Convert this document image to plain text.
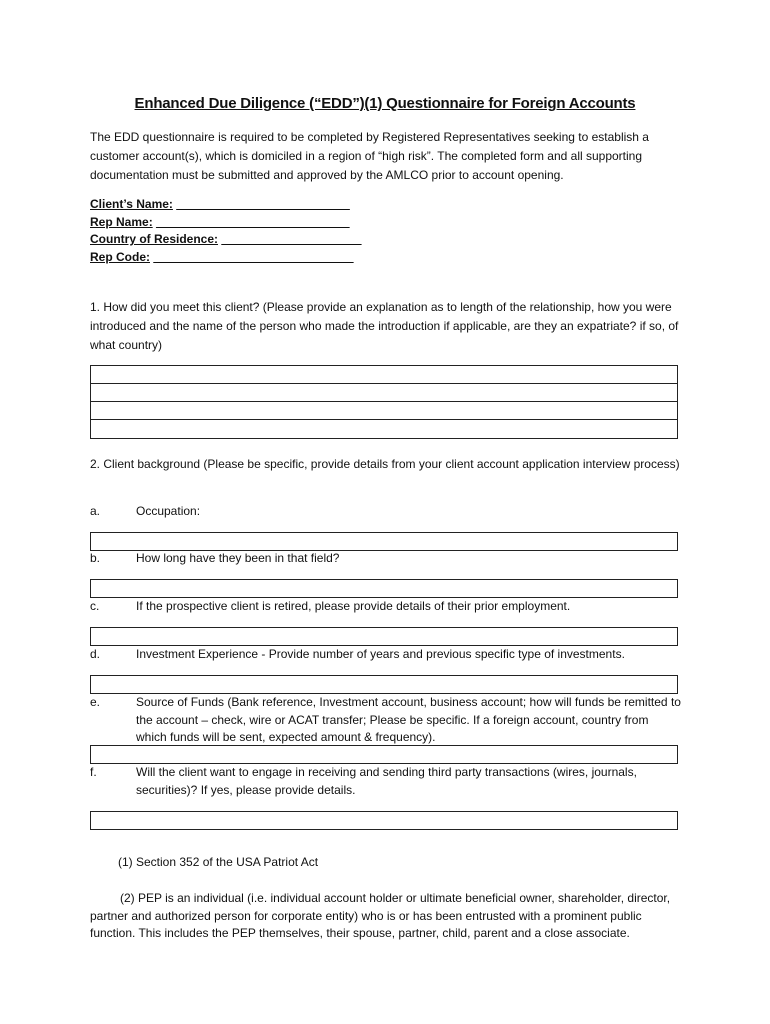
Enhanced Due Diligence (“EDD”)(1) Questionnaire for Foreign Accounts
The EDD questionnaire is required to be completed by Registered Representatives seeking to establish a customer account(s), which is domiciled in a region of “high risk”. The completed form and all supporting documentation must be submitted and approved by the AMLCO prior to account opening.
Client’s Name: __________________________
Rep Name: _____________________________
Country of Residence: _____________________
Rep Code: ______________________________
1. How did you meet this client? (Please provide an explanation as to length of the relationship, how you were introduced and the name of the person who made the introduction if applicable, are they an expatriate? if so, of what country)
2. Client background (Please be specific, provide details from your client account application interview process)
a.	Occupation:
b.	How long have they been in that field?
c.	If the prospective client is retired, please provide details of their prior employment.
d.	Investment Experience - Provide number of years and previous specific type of investments.
e.	Source of Funds (Bank reference, Investment account, business account; how will funds be remitted to the account – check, wire or ACAT transfer; Please be specific. If a foreign account, country from which funds will be sent, expected amount & frequency).
f.	Will the client want to engage in receiving and sending third party transactions (wires, journals, securities)? If yes, please provide details.
(1) Section 352 of the USA Patriot Act
(2) PEP is an individual (i.e. individual account holder or ultimate beneficial owner, shareholder, director, partner and authorized person for corporate entity) who is or has been entrusted with a prominent public function. This includes the PEP themselves, their spouse, partner, child, parent and a close associate.
